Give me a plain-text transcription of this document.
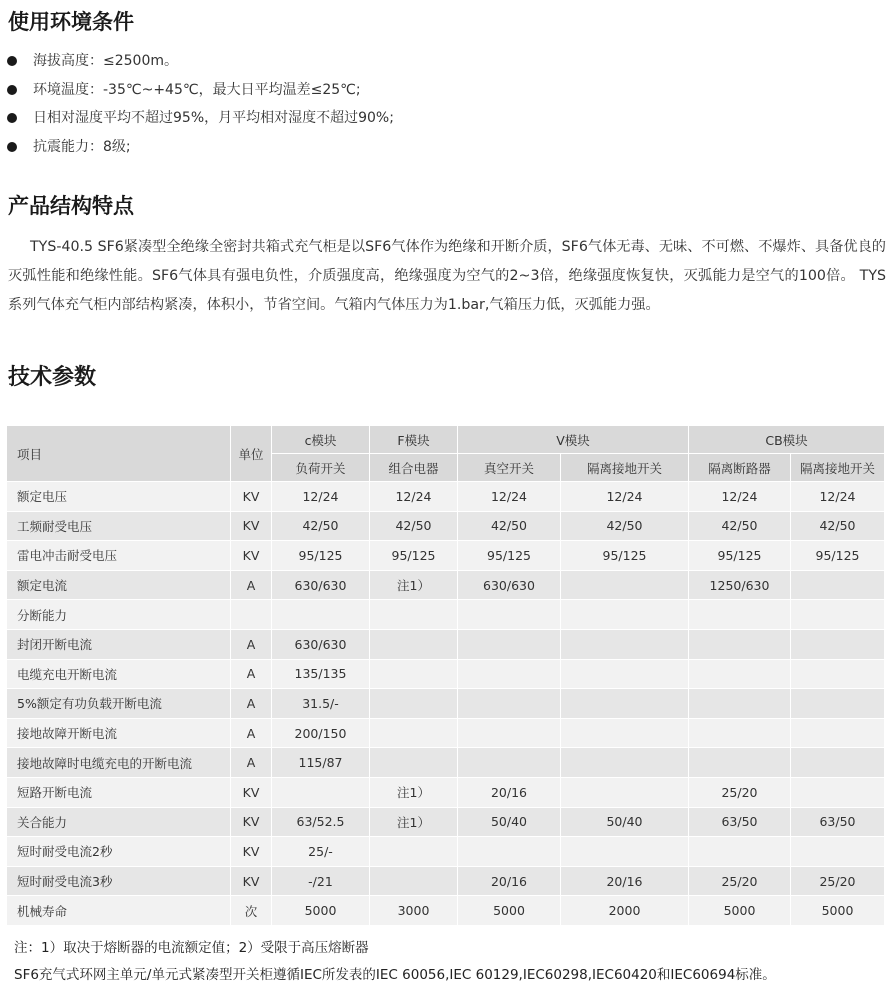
使用环境条件
海拔高度：≤2500m。
环境温度：-35℃~+45℃，最大日平均温差≤25℃;
日相对湿度平均不超过95%，月平均相对湿度不超过90%;
抗震能力：8级;
产品结构特点
TYS-40.5 SF6紧凑型全绝缘全密封共箱式充气柜是以SF6气体作为绝缘和开断介质，SF6气体无毒、无味、不可燃、不爆炸、具备优良的灭弧性能和绝缘性能。SF6气体具有强电负性，介质强度高，绝缘强度为空气的2~3倍，绝缘强度恢复快，灭弧能力是空气的100倍。 TYS 系列气体充气柜内部结构紧凑，体积小，节省空间。气箱内气体压力为1.bar,气箱压力低，灭弧能力强。
技术参数
项目	单位	c模块	F模块	V模块		CB模块	
		负荷开关	组合电器	真空开关	隔离接地开关	隔离断路器	隔离接地开关
额定电压	KV	12/24	12/24	12/24	12/24	12/24	12/24
工频耐受电压	KV	42/50	42/50	42/50	42/50	42/50	42/50
雷电冲击耐受电压	KV	95/125	95/125	95/125	95/125	95/125	95/125
额定电流	A	630/630	注1）	630/630		1250/630	
分断能力							
封闭开断电流	A	630/630					
电缆充电开断电流	A	135/135					
5%额定有功负载开断电流	A	31.5/-					
接地故障开断电流	A	200/150					
接地故障时电缆充电的开断电流	A	115/87					
短路开断电流	KV		注1）	20/16		25/20	
关合能力	KV	63/52.5	注1）	50/40	50/40	63/50	63/50
短时耐受电流2秒	KV	25/-					
短时耐受电流3秒	KV	-/21		20/16	20/16	25/20	25/20
机械寿命	次	5000	3000	5000	2000	5000	5000
注：1）取决于熔断器的电流额定值；2）受限于高压熔断器
SF6充气式环网主单元/单元式紧凑型开关柜遵循IEC所发表的IEC 60056,IEC 60129,IEC60298,IEC60420和IEC60694标准。
